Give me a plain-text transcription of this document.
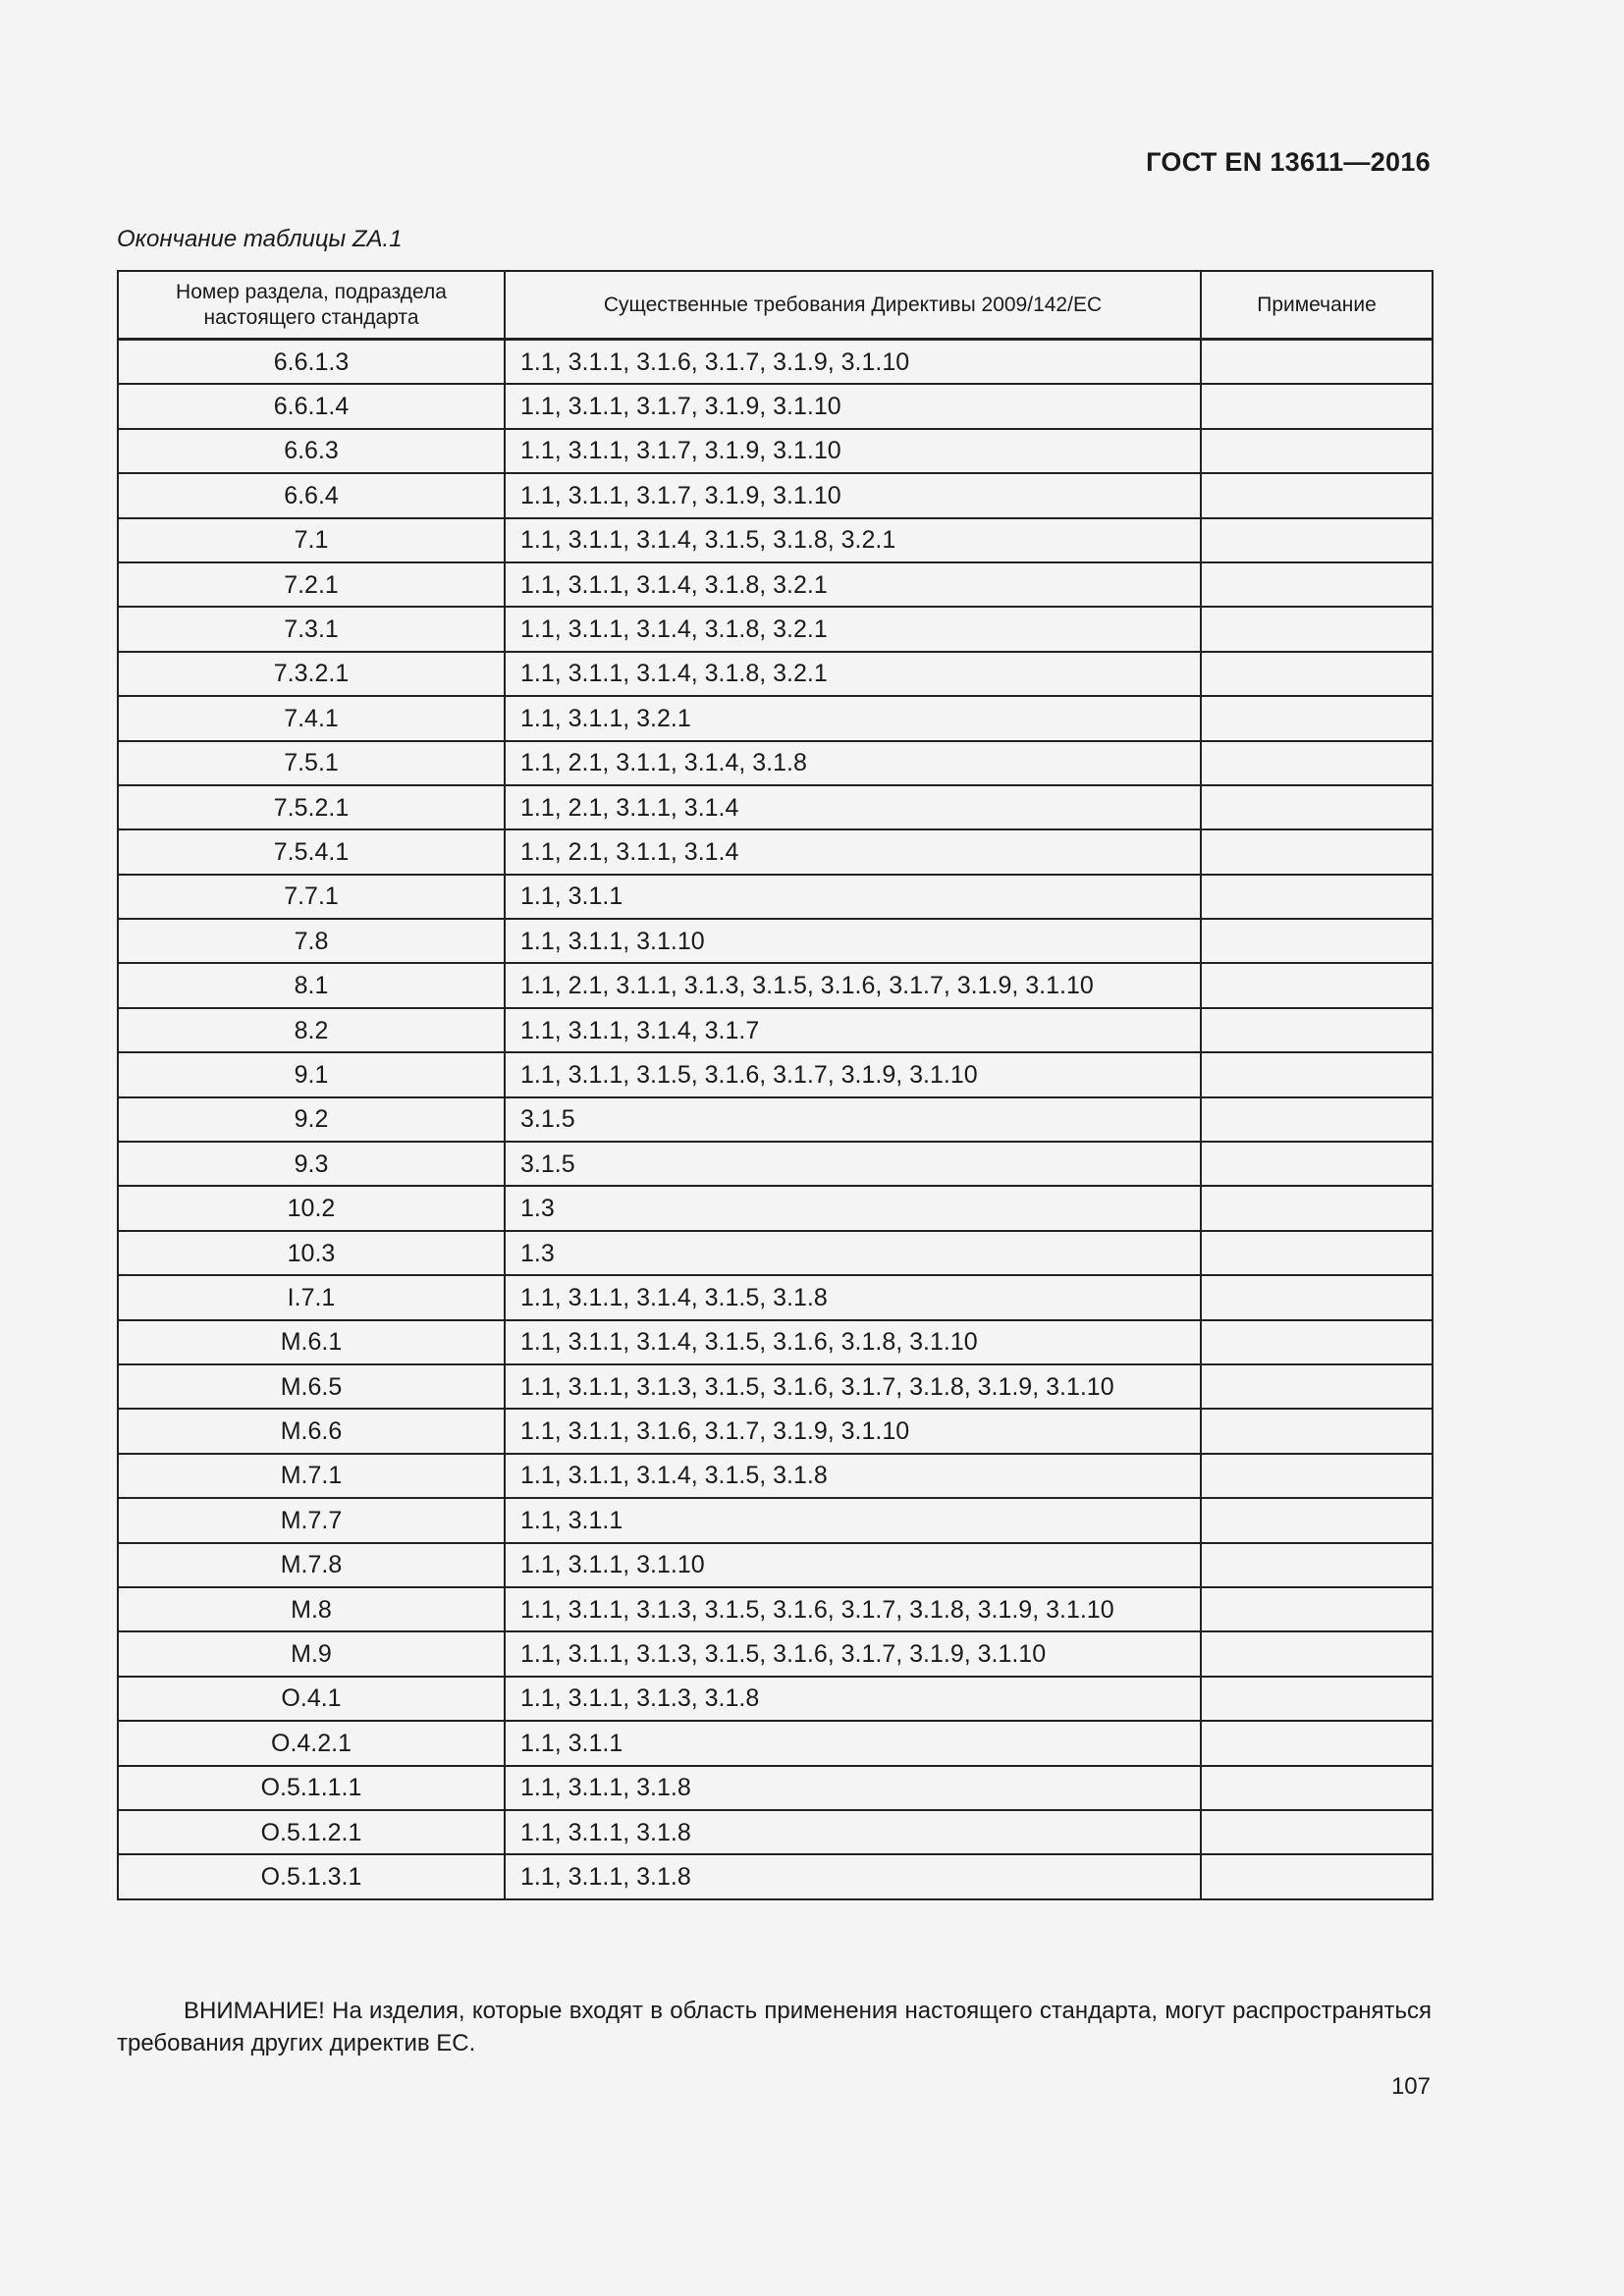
ГОСТ EN 13611—2016
Окончание таблицы ZA.1
Номер раздела, подраздела настоящего стандарта	Существенные требования Директивы 2009/142/ЕС	Примечание
6.6.1.3	1.1, 3.1.1, 3.1.6, 3.1.7, 3.1.9, 3.1.10	
6.6.1.4	1.1, 3.1.1, 3.1.7, 3.1.9, 3.1.10	
6.6.3	1.1, 3.1.1, 3.1.7, 3.1.9, 3.1.10	
6.6.4	1.1, 3.1.1, 3.1.7, 3.1.9, 3.1.10	
7.1	1.1, 3.1.1, 3.1.4, 3.1.5, 3.1.8, 3.2.1	
7.2.1	1.1, 3.1.1, 3.1.4, 3.1.8, 3.2.1	
7.3.1	1.1, 3.1.1, 3.1.4, 3.1.8, 3.2.1	
7.3.2.1	1.1, 3.1.1, 3.1.4, 3.1.8, 3.2.1	
7.4.1	1.1, 3.1.1, 3.2.1	
7.5.1	1.1, 2.1, 3.1.1, 3.1.4, 3.1.8	
7.5.2.1	1.1, 2.1, 3.1.1, 3.1.4	
7.5.4.1	1.1, 2.1, 3.1.1, 3.1.4	
7.7.1	1.1, 3.1.1	
7.8	1.1, 3.1.1, 3.1.10	
8.1	1.1, 2.1, 3.1.1, 3.1.3, 3.1.5, 3.1.6, 3.1.7, 3.1.9, 3.1.10	
8.2	1.1, 3.1.1, 3.1.4, 3.1.7	
9.1	1.1, 3.1.1, 3.1.5, 3.1.6, 3.1.7, 3.1.9, 3.1.10	
9.2	3.1.5	
9.3	3.1.5	
10.2	1.3	
10.3	1.3	
I.7.1	1.1, 3.1.1, 3.1.4, 3.1.5, 3.1.8	
M.6.1	1.1, 3.1.1, 3.1.4, 3.1.5, 3.1.6, 3.1.8, 3.1.10	
M.6.5	1.1, 3.1.1, 3.1.3, 3.1.5, 3.1.6, 3.1.7, 3.1.8, 3.1.9, 3.1.10	
M.6.6	1.1, 3.1.1, 3.1.6, 3.1.7, 3.1.9, 3.1.10	
M.7.1	1.1, 3.1.1, 3.1.4, 3.1.5, 3.1.8	
M.7.7	1.1, 3.1.1	
M.7.8	1.1, 3.1.1, 3.1.10	
M.8	1.1, 3.1.1, 3.1.3, 3.1.5, 3.1.6, 3.1.7, 3.1.8, 3.1.9, 3.1.10	
M.9	1.1, 3.1.1, 3.1.3, 3.1.5, 3.1.6, 3.1.7, 3.1.9, 3.1.10	
O.4.1	1.1, 3.1.1, 3.1.3, 3.1.8	
O.4.2.1	1.1, 3.1.1	
O.5.1.1.1	1.1, 3.1.1, 3.1.8	
O.5.1.2.1	1.1, 3.1.1, 3.1.8	
O.5.1.3.1	1.1, 3.1.1, 3.1.8	
ВНИМАНИЕ! На изделия, которые входят в область применения настоящего стандарта, могут распространяться требования других директив ЕС.
107
